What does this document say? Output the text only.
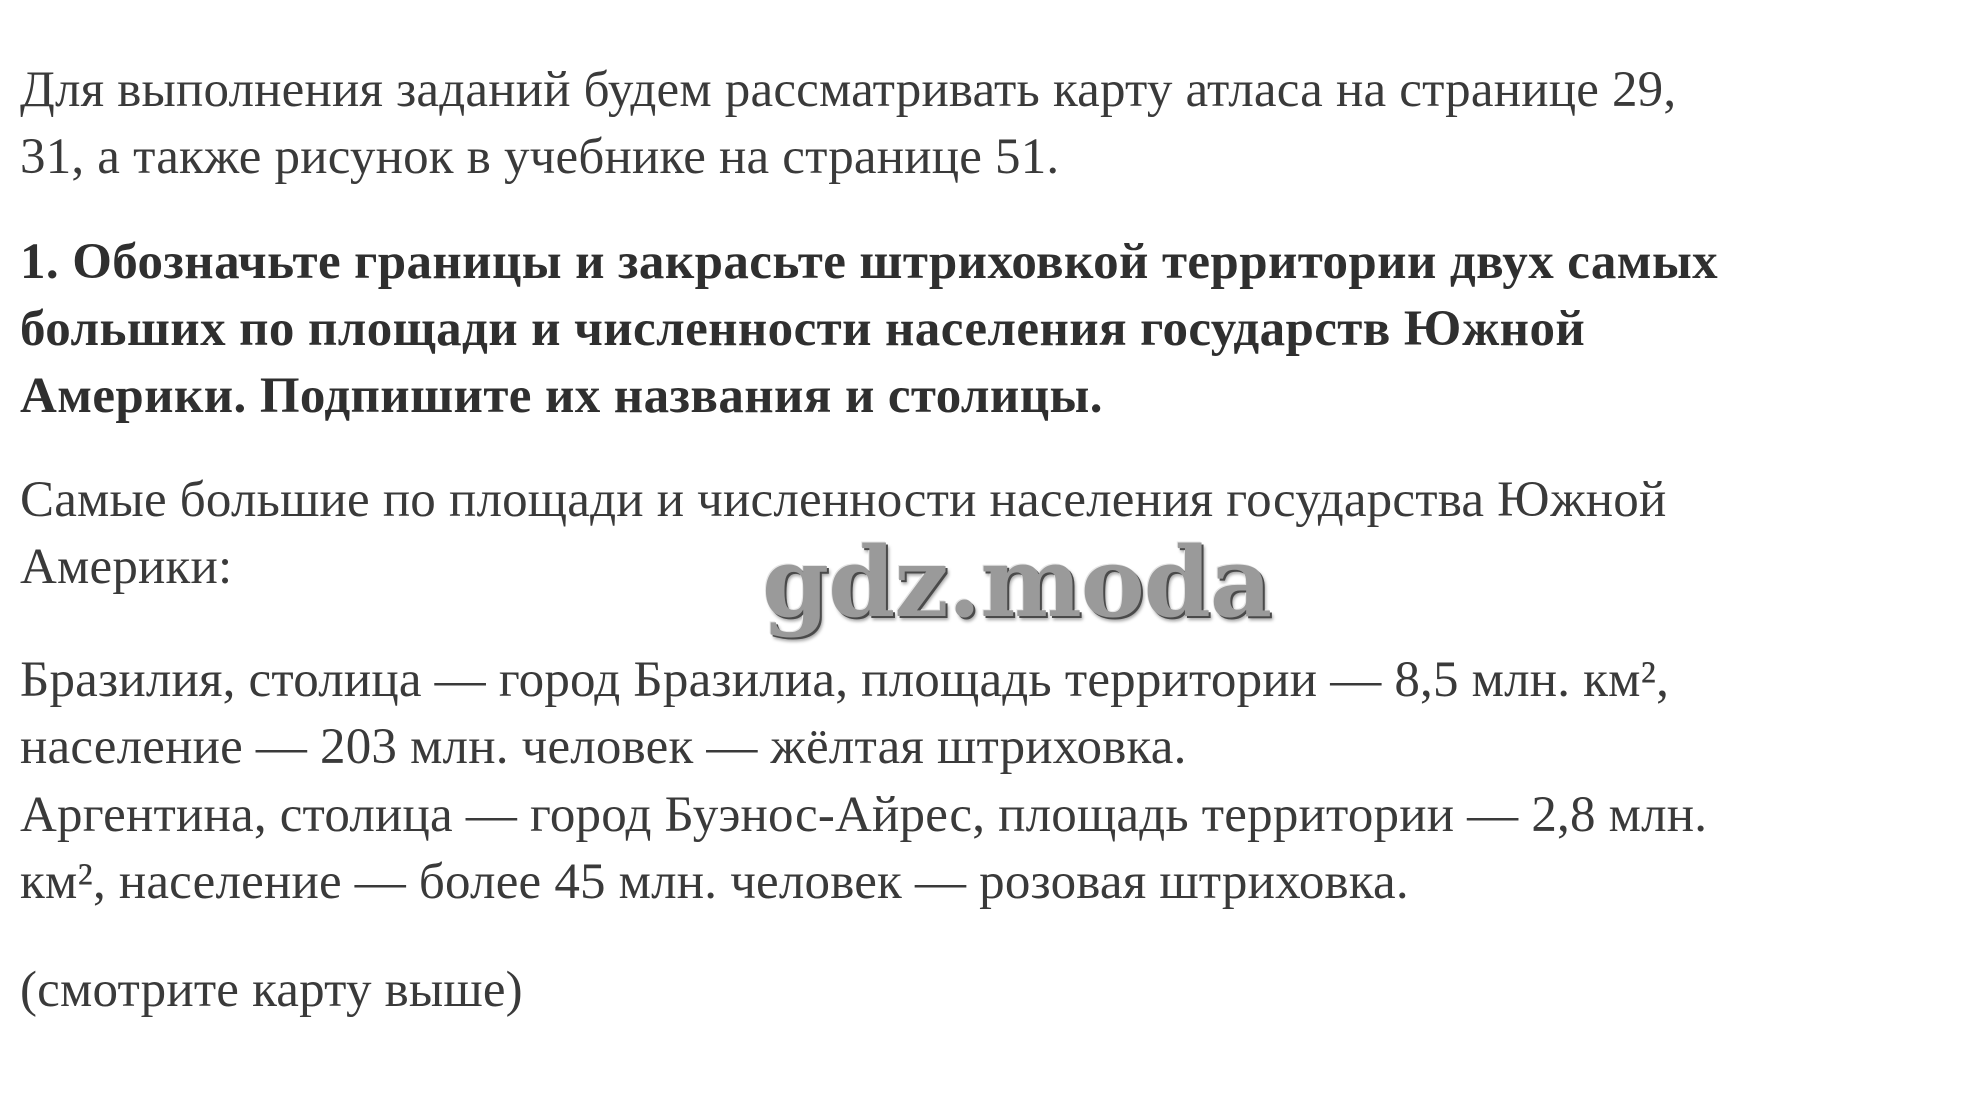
Для выполнения заданий будем рассматривать карту атласа на странице 29,
31, а также рисунок в учебнике на странице 51.
1. Обозначьте границы и закрасьте штриховкой территории двух самых
больших по площади и численности населения государств Южной
Америки. Подпишите их названия и столицы.
Самые большие по площади и численности населения государства Южной
Америки:
Бразилия, столица — город Бразилиа, площадь территории — 8,5 млн. км²,
население — 203 млн. человек — жёлтая штриховка.
Аргентина, столица — город Буэнос-Айрес, площадь территории — 2,8 млн.
км², население — более 45 млн. человек — розовая штриховка.
(смотрите карту выше)
gdz.moda
